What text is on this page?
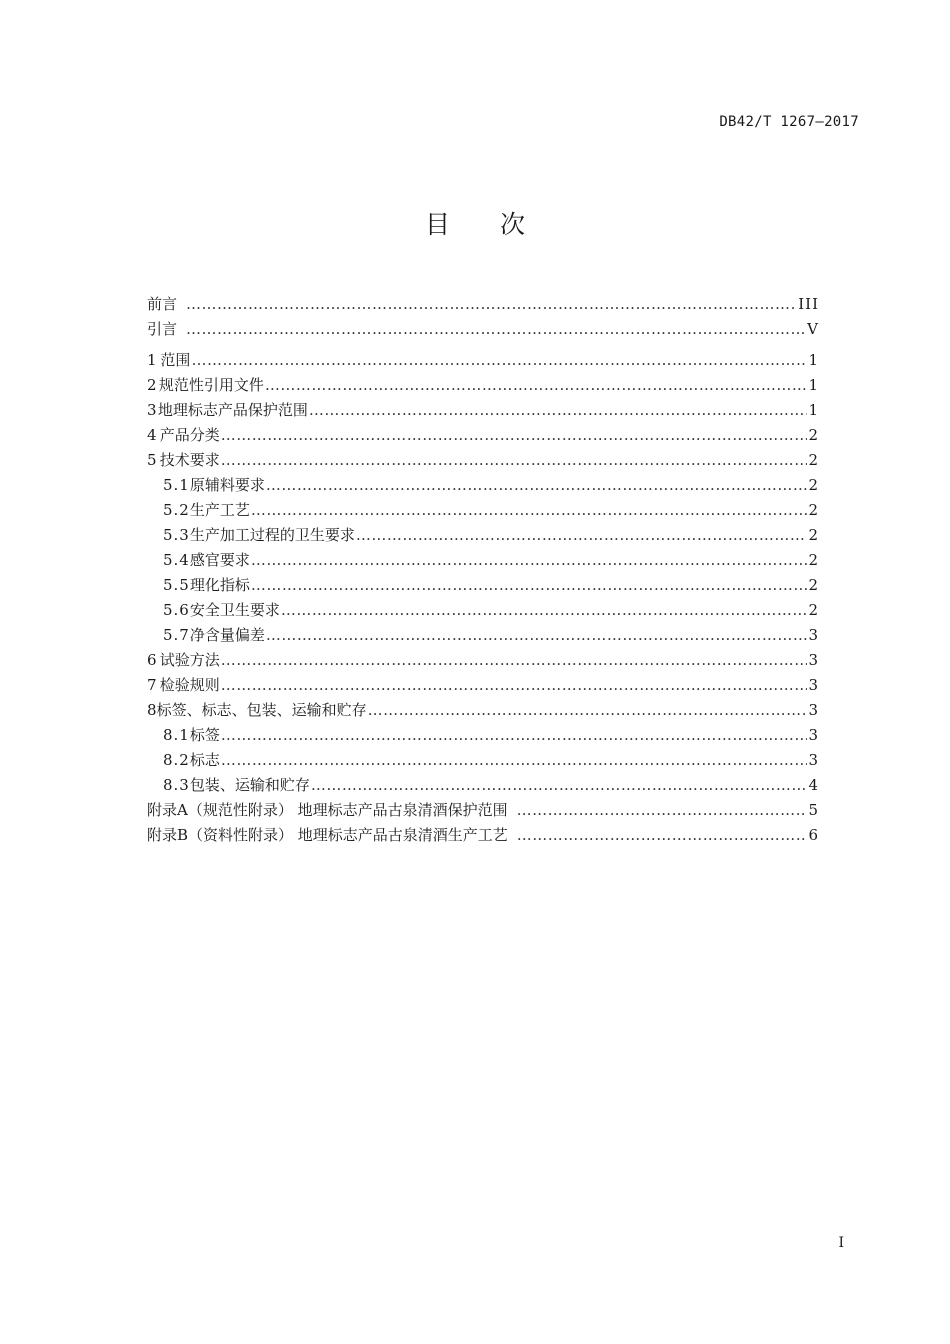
DB42/T 1267—2017
目次
前言 ……………………………………………………………………………………………………………………………………………………………………………………………………	III
引言 ……………………………………………………………………………………………………………………………………………………………………………………………………	V
1 范围 ……………………………………………………………………………………………………………………………………………………………………………………………………	1
2 规范性引用文件 ……………………………………………………………………………………………………………………………………………………………………………………………………	1
3 地理标志产品保护范围 ……………………………………………………………………………………………………………………………………………………………………………………………………	1
4 产品分类 ……………………………………………………………………………………………………………………………………………………………………………………………………	2
5 技术要求 ……………………………………………………………………………………………………………………………………………………………………………………………………	2
5.1 原辅料要求 ……………………………………………………………………………………………………………………………………………………………………………………………………	2
5.2 生产工艺 ……………………………………………………………………………………………………………………………………………………………………………………………………	2
5.3 生产加工过程的卫生要求 ……………………………………………………………………………………………………………………………………………………………………………………………………	2
5.4 感官要求 ……………………………………………………………………………………………………………………………………………………………………………………………………	2
5.5 理化指标 ……………………………………………………………………………………………………………………………………………………………………………………………………	2
5.6 安全卫生要求 ……………………………………………………………………………………………………………………………………………………………………………………………………	2
5.7 净含量偏差 ……………………………………………………………………………………………………………………………………………………………………………………………………	3
6 试验方法 ……………………………………………………………………………………………………………………………………………………………………………………………………	3
7 检验规则 ……………………………………………………………………………………………………………………………………………………………………………………………………	3
8 标签、标志、包装、运输和贮存 ……………………………………………………………………………………………………………………………………………………………………………………………………	3
8.1 标签 ……………………………………………………………………………………………………………………………………………………………………………………………………	3
8.2 标志 ……………………………………………………………………………………………………………………………………………………………………………………………………	3
8.3 包装、运输和贮存 ……………………………………………………………………………………………………………………………………………………………………………………………………	4
附录A（规范性附录） 地理标志产品古泉清酒保护范围 ……………………………………………………………………………………………………………………………………………………………………………………………………	5
附录B（资料性附录） 地理标志产品古泉清酒生产工艺 ……………………………………………………………………………………………………………………………………………………………………………………………………	6
I
